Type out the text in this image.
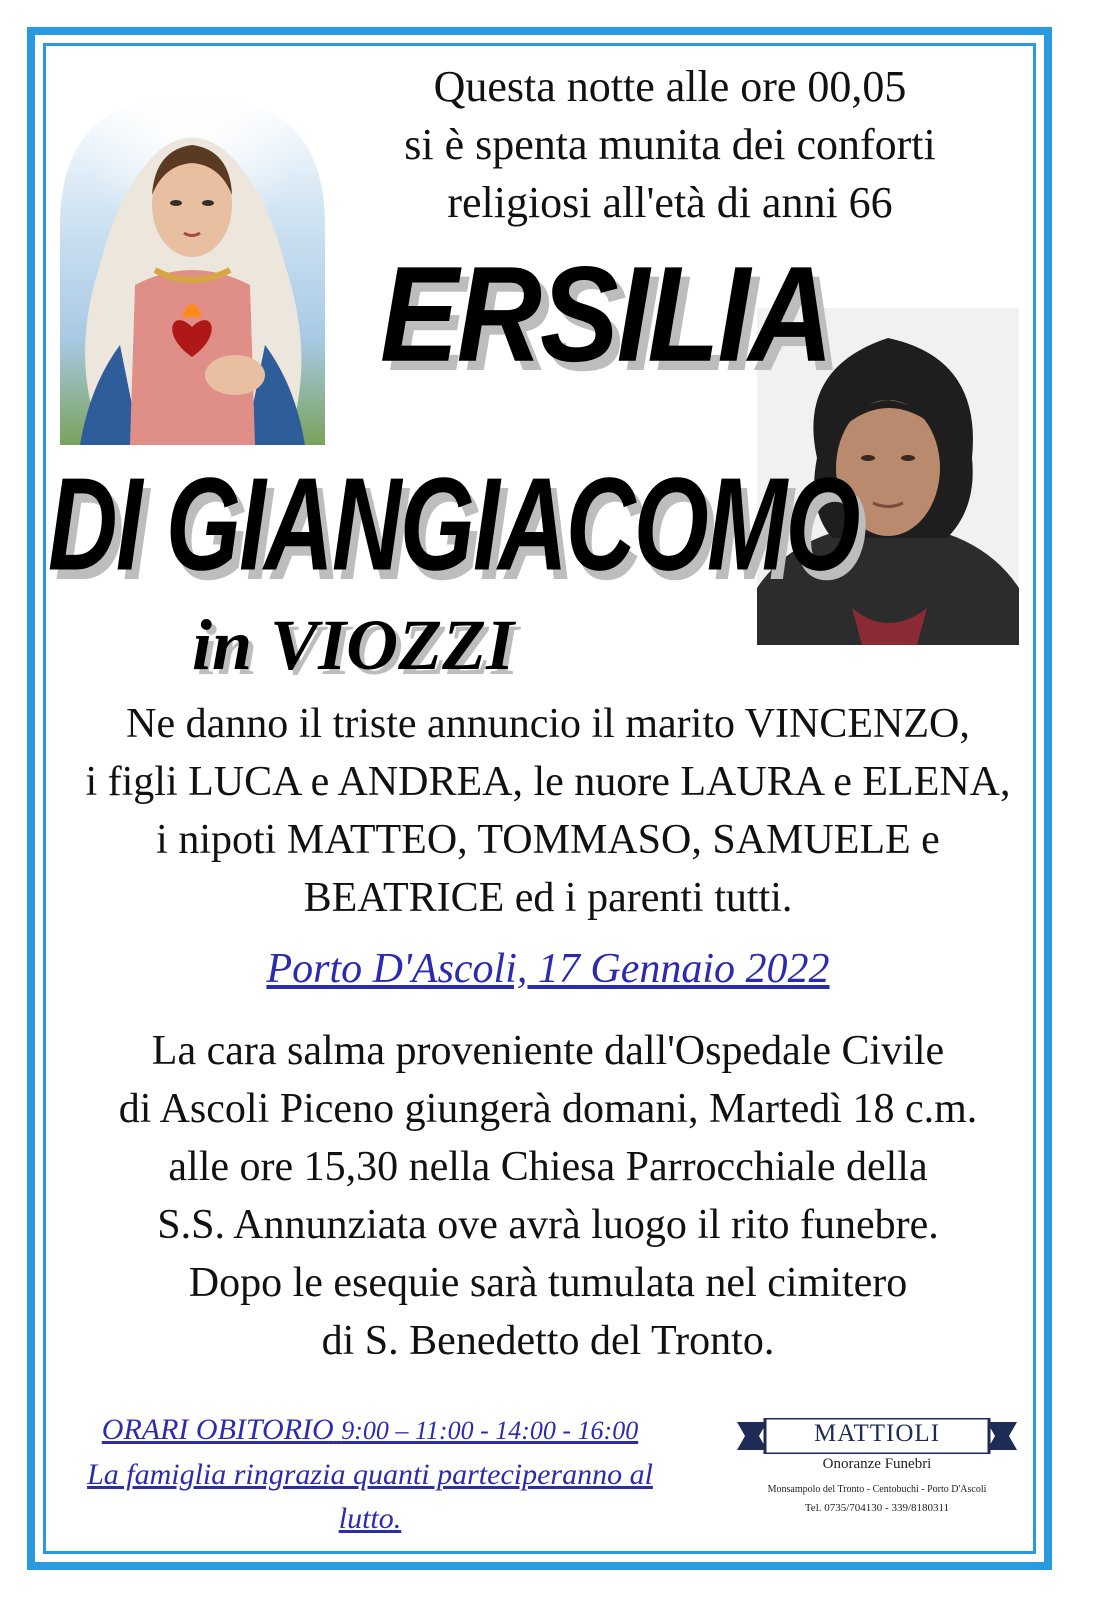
Questa notte alle ore 00,05
si è spenta munita dei conforti
religiosi all'età di anni 66
ERSILIA
DI GIANGIACOMO
in VIOZZI
Ne danno il triste annuncio il marito VINCENZO,
i figli LUCA e ANDREA, le nuore LAURA e ELENA,
i nipoti MATTEO, TOMMASO, SAMUELE e
BEATRICE ed i parenti tutti.
Porto D'Ascoli, 17 Gennaio 2022
La cara salma proveniente dall'Ospedale Civile
di Ascoli Piceno giungerà domani, Martedì 18 c.m.
alle ore 15,30 nella Chiesa Parrocchiale della
S.S. Annunziata ove avrà luogo il rito funebre.
Dopo le esequie sarà tumulata nel cimitero
di S. Benedetto del Tronto.
ORARI OBITORIO 9:00 – 11:00 - 14:00 - 16:00
La famiglia ringrazia quanti parteciperanno al lutto.
MATTIOLI
Onoranze Funebri
Monsampolo del Tronto - Centobuchi - Porto D'Ascoli
Tel. 0735/704130 - 339/8180311
